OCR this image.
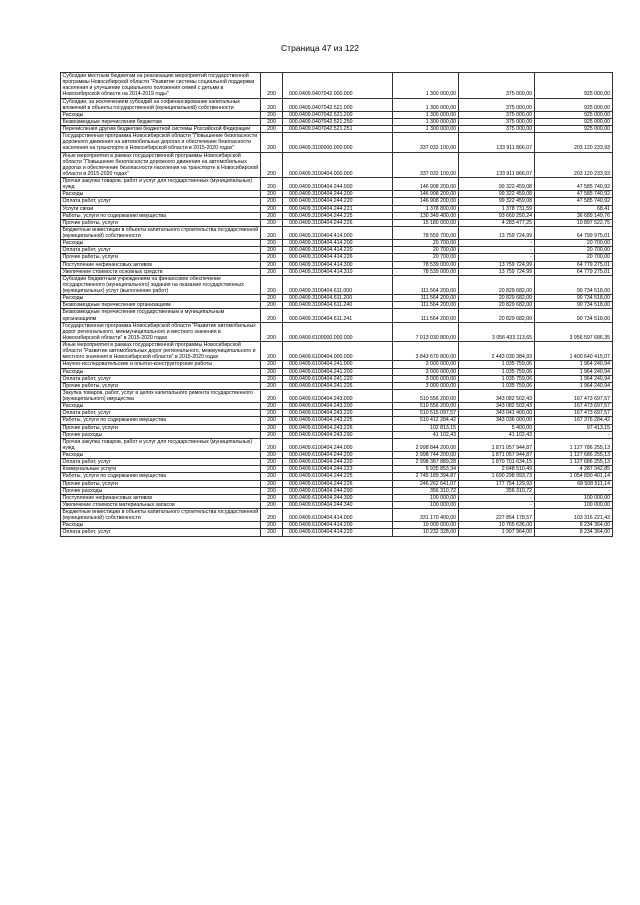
Страница 47 из 122
Субсидии местным бюджетам на реализацию мероприятий государственной программы Новосибирской области "Развитие системы социальной поддержки населения и улучшение социального положения семей с детьми в Новосибирской области на 2014-2019 годы"	200	000.0409.0407042.000.000	1 300 000,00	375 000,00	925 000,00
Субсидии, за исключением субсидий на софинансирование капитальных вложений в объекты государственной (муниципальной) собственности	200	000.0409.0407042.521.000	1 300 000,00	375 000,00	925 000,00
Расходы	200	000.0409.0407042.521.200	1 300 000,00	375 000,00	925 000,00
Безвозмездные перечисления бюджетам	200	000.0409.0407042.521.250	1 300 000,00	375 000,00	925 000,00
Перечисления другим бюджетам бюджетной системы Российской Федерации	200	000.0409.0407042.521.251	1 300 000,00	375 000,00	925 000,00
Государственная программа Новосибирской области "Повышение безопасности дорожного движения на автомобильных дорогах и обеспечение безопасности населения на транспорте в Новосибирской области в 2015-2020 годах"	200	000.0409.3100000.000.000	337 032 100,00	133 911 866,07	203 120 233,93
Иные мероприятия в рамках государственной программы Новосибирской области "Повышение безопасности дорожного движения на автомобильных дорогах и обеспечение безопасности населения на транспорте в Новосибирской области в 2015-2020 годах"	200	000.0409.3100404.000.000	337 032 100,00	133 911 866,07	203 120 233,93
Прочая закупка товаров, работ и услуг для государственных (муниципальных) нужд	200	000.0409.3100404.244.000	146 908 200,00	99 322 459,08	47 585 740,92
Расходы	200	000.0409.3100404.244.200	146 908 200,00	99 322 459,08	47 585 740,92
Оплата работ, услуг	200	000.0409.3100404.244.220	146 908 200,00	99 322 459,08	47 585 740,92
Услуги связи	200	000.0409.3100404.244.221	1 378 800,00	1 378 731,59	68,41
Работы, услуги по содержанию имущества	200	000.0409.3100404.244.225	130 349 400,00	93 660 250,24	36 689 149,76
Прочие работы, услуги	200	000.0409.3100404.244.226	15 180 000,00	4 283 477,25	10 897 522,75
Бюджетные инвестиции в объекты капитального строительства государственной (муниципальной) собственности	200	000.0409.3100404.414.000	78 559 700,00	13 759 724,99	64 799 975,01
Расходы	200	000.0409.3100404.414.200	20 700,00	-	20 700,00
Оплата работ, услуг	200	000.0409.3100404.414.220	20 700,00	-	20 700,00
Прочие работы, услуги	200	000.0409.3100404.414.226	20 700,00	-	20 700,00
Поступление нефинансовых активов	200	000.0409.3100404.414.300	78 539 000,00	13 759 724,99	64 779 275,01
Увеличение стоимости основных средств	200	000.0409.3100404.414.310	78 539 000,00	13 759 724,99	64 779 275,01
Субсидии бюджетным учреждениям на финансовое обеспечение государственного (муниципального) задания на оказание государственных (муниципальных) услуг (выполнение работ)	200	000.0409.3100404.611.000	111 564 200,00	20 829 682,00	90 734 518,00
Расходы	200	000.0409.3100404.611.200	111 564 200,00	20 829 682,00	90 734 518,00
Безвозмездные перечисления организациям	200	000.0409.3100404.611.240	111 564 200,00	20 829 682,00	90 734 518,00
Безвозмездные перечисления государственным и муниципальным организациям	200	000.0409.3100404.611.241	111 564 200,00	20 829 682,00	90 734 518,00
Государственная программа Новосибирской области "Развитие автомобильных дорог регионального, межмуниципального и местного значения в Новосибирской области" в 2015-2020 годах	200	000.0409.6100000.000.000	7 013 030 800,00	3 056 433 113,65	3 956 597 686,35
Иные мероприятия в рамках государственной программы Новосибирской области "Развитие автомобильных дорог регионального, межмуниципального и местного значения в Новосибирской области" в 2015-2020 годах	200	000.0409.6100404.000.000	3 843 670 800,00	2 443 030 384,93	1 400 640 415,07
Научно-исследовательские и опытно-конструкторские работы	200	000.0409.6100404.241.000	3 000 000,00	1 035 759,06	1 964 240,94
Расходы	200	000.0409.6100404.241.200	3 000 000,00	1 035 759,06	1 964 240,94
Оплата работ, услуг	200	000.0409.6100404.241.220	3 000 000,00	1 035 759,06	1 964 240,94
Прочие работы, услуги	200	000.0409.6100404.241.226	3 000 000,00	1 035 759,06	1 964 240,94
Закупка товаров, работ, услуг в целях капитального ремонта государственного (муниципального) имущества	200	000.0409.6100404.243.000	510 556 200,00	343 082 502,43	167 473 697,57
Расходы	200	000.0409.6100404.243.200	510 556 200,00	343 082 502,43	167 473 697,57
Оплата работ, услуг	200	000.0409.6100404.243.220	510 515 097,57	343 041 400,00	167 473 697,57
Работы, услуги по содержанию имущества	200	000.0409.6100404.243.225	510 412 284,42	343 036 000,00	167 376 284,42
Прочие работы, услуги	200	000.0409.6100404.243.226	102 813,15	5 400,00	97 413,15
Прочие расходы	200	000.0409.6100404.243.290	41 102,43	41 102,43	-
Прочая закупка товаров, работ и услуг для государственных (муниципальных) нужд	200	000.0409.6100404.244.000	2 998 844 200,00	1 871 057 944,87	1 127 786 255,13
Расходы	200	000.0409.6100404.244.200	2 998 744 200,00	1 871 057 944,87	1 127 686 255,13
Оплата работ, услуг	200	000.0409.6100404.244.220	2 998 387 889,28	1 870 701 634,15	1 127 686 255,13
Коммунальные услуги	200	000.0409.6100404.244.223	6 935 853,34	2 648 510,49	4 287 342,85
Работы, услуги по содержанию имущества	200	000.0409.6100404.244.225	2 745 189 394,87	1 690 298 993,73	1 054 890 401,14
Прочие работы, услуги	200	000.0409.6100404.244.226	246 262 641,07	177 754 129,93	68 508 511,14
Прочие расходы	200	000.0409.6100404.244.290	356 310,72	356 310,72	-
Поступление нефинансовых активов	200	000.0409.6100404.244.300	100 000,00	-	100 000,00
Увеличение стоимости материальных запасов	200	000.0409.6100404.244.340	100 000,00	-	100 000,00
Бюджетные инвестиции в объекты капитального строительства государственной (муниципальной) собственности	200	000.0409.6100404.414.000	331 170 400,00	227 854 178,57	103 316 221,43
Расходы	200	000.0409.6100404.414.200	19 000 000,00	10 765 636,00	8 234 364,00
Оплата работ, услуг	200	000.0409.6100404.414.220	10 232 328,00	1 997 964,00	8 234 364,00
